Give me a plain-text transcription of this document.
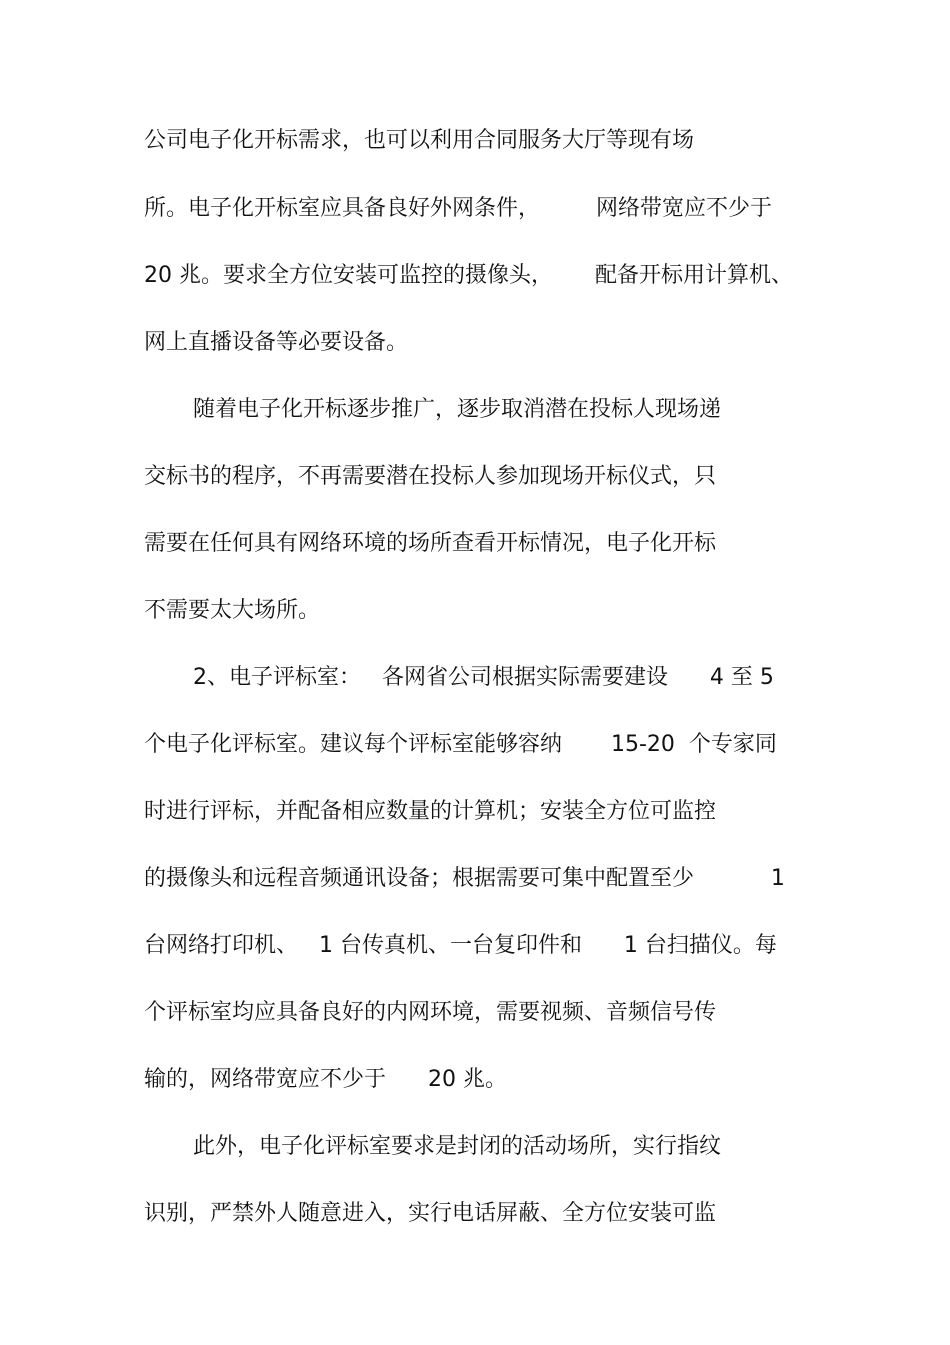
公司电子化开标需求，也可以利用合同服务大厅等现有场

所。电子化开标室应具备良好外网条件，        网络带宽应不少于

20 兆。要求全方位安装可监控的摄像头，      配备开标用计算机、

网上直播设备等必要设备。

随着电子化开标逐步推广，逐步取消潜在投标人现场递

交标书的程序，不再需要潜在投标人参加现场开标仪式，只

需要在任何具有网络环境的场所查看开标情况，电子化开标

不需要太大场所。

2、电子评标室：   各网省公司根据实际需要建设      4 至 5

个电子化评标室。建议每个评标室能够容纳       15-20  个专家同

时进行评标，并配备相应数量的计算机；安装全方位可监控

的摄像头和远程音频通讯设备；根据需要可集中配置至少           1

台网络打印机、   1 台传真机、一台复印件和      1 台扫描仪。每

个评标室均应具备良好的内网环境，需要视频、音频信号传

输的，网络带宽应不少于      20 兆。

此外，电子化评标室要求是封闭的活动场所，实行指纹

识别，严禁外人随意进入，实行电话屏蔽、全方位安装可监
